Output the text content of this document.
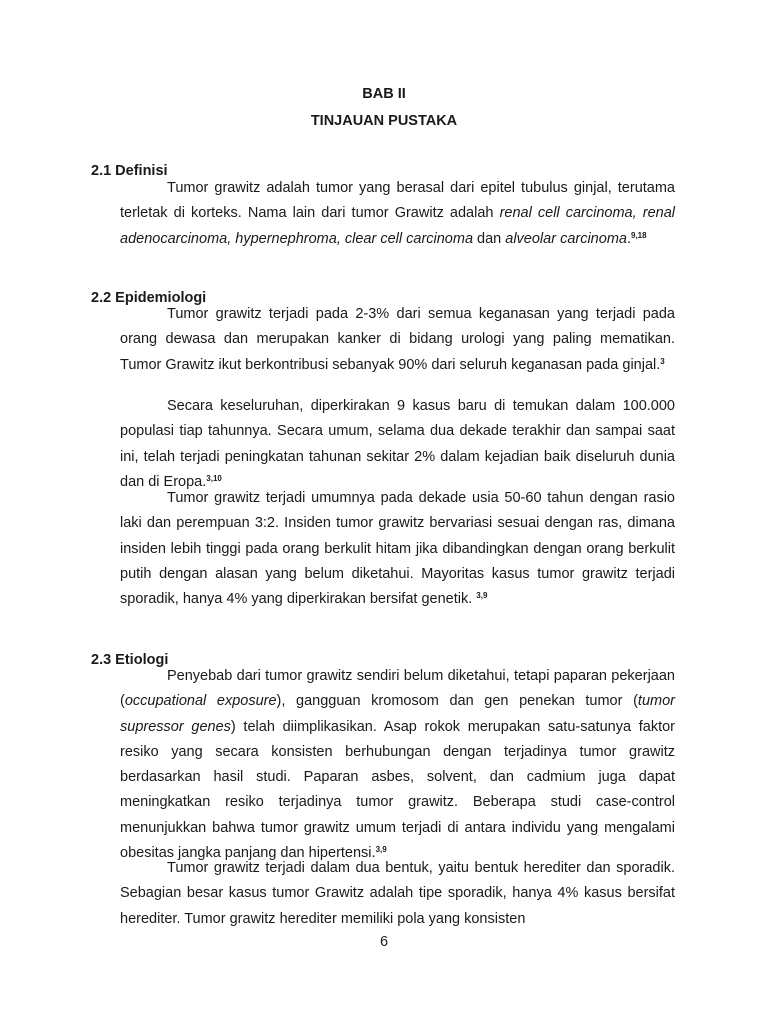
BAB II
TINJAUAN PUSTAKA
2.1 Definisi

Tumor grawitz adalah tumor yang berasal dari epitel tubulus ginjal, terutama terletak di korteks. Nama lain dari tumor Grawitz adalah renal cell carcinoma, renal adenocarcinoma, hypernephroma, clear cell carcinoma dan alveolar carcinoma.$^{9,18}$

2.2 Epidemiologi

Tumor grawitz terjadi pada 2-3% dari semua keganasan yang terjadi pada orang dewasa dan merupakan kanker di bidang urologi yang paling mematikan. Tumor Grawitz ikut berkontribusi sebanyak 90% dari seluruh keganasan pada ginjal.$^3$

Secara keseluruhan, diperkirakan 9 kasus baru di temukan dalam 100.000 populasi tiap tahunnya. Secara umum, selama dua dekade terakhir dan sampai saat ini, telah terjadi peningkatan tahunan sekitar 2% dalam kejadian baik diseluruh dunia dan di Eropa.$^{3,10}$

Tumor grawitz terjadi umumnya pada dekade usia 50-60 tahun dengan rasio laki dan perempuan 3:2. Insiden tumor grawitz bervariasi sesuai dengan ras, dimana insiden lebih tinggi pada orang berkulit hitam jika dibandingkan dengan orang berkulit putih dengan alasan yang belum diketahui. Mayoritas kasus tumor grawitz terjadi sporadik, hanya 4% yang diperkirakan bersifat genetik. $^{3,9}$

2.3 Etiologi

Penyebab dari tumor grawitz sendiri belum diketahui, tetapi paparan pekerjaan (occupational exposure), gangguan kromosom dan gen penekan tumor (tumor supressor genes) telah diimplikasikan. Asap rokok merupakan satu-satunya faktor resiko yang secara konsisten berhubungan dengan terjadinya tumor grawitz berdasarkan hasil studi. Paparan asbes, solvent, dan cadmium juga dapat meningkatkan resiko terjadinya tumor grawitz. Beberapa studi case-control menunjukkan bahwa tumor grawitz umum terjadi di antara individu yang mengalami obesitas jangka panjang dan hipertensi.$^{3,9}$

Tumor grawitz terjadi dalam dua bentuk, yaitu bentuk herediter dan sporadik. Sebagian besar kasus tumor Grawitz adalah tipe sporadik, hanya 4% kasus bersifat herediter. Tumor grawitz herediter memiliki pola yang konsisten

6
